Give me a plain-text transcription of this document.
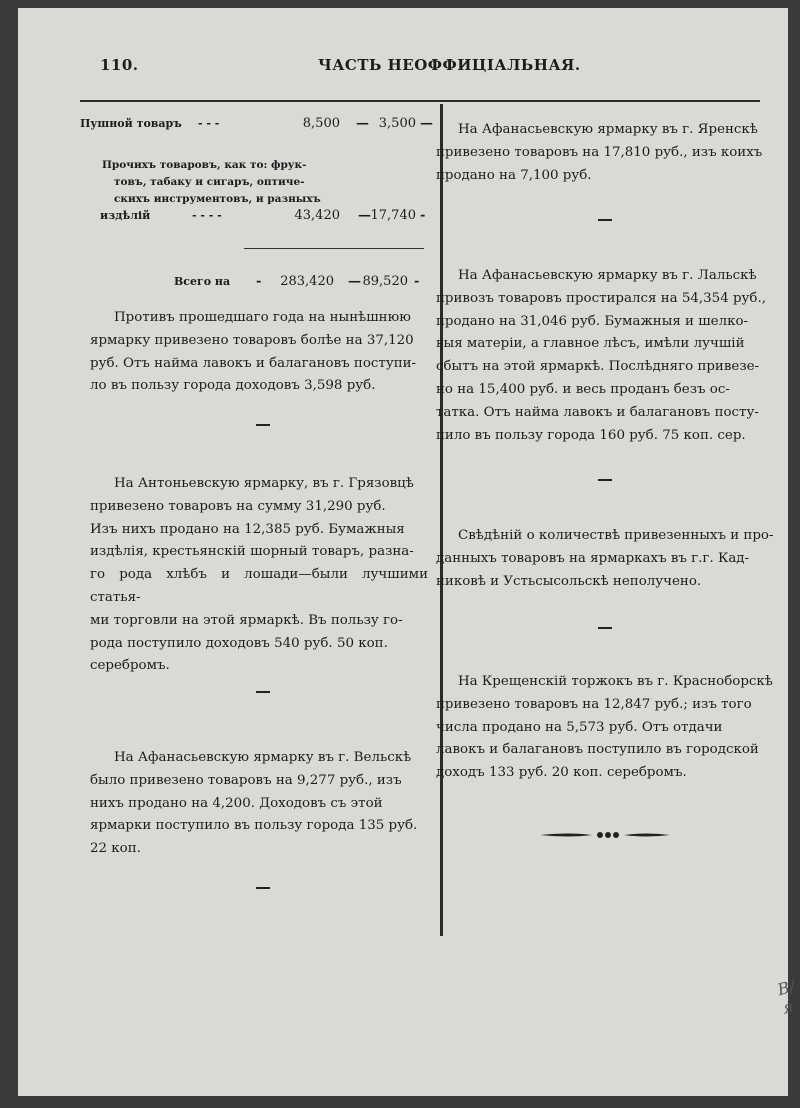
110.	ЧАСТЬ НЕОФФИЦІАЛЬНАЯ.
Пушной товаръ - - -	8,500 — 3,500 —
Прочихъ товаровъ, как то: фрук-
товъ, табаку и сигаръ, оптиче-
скихъ инструментовъ, и разныхъ
издѣлій	- - - -	43,420 — 17,740 -
Всего на -	283,420 — 89,520 -
Противъ прошедшаго года на нынѣшнюю
ярмарку привезено товаровъ болѣе на 37,120
руб. Отъ найма лавокъ и балагановъ поступи-
ло въ пользу города доходовъ 3,598 руб.
На Антоньевскую ярмарку, въ г. Грязовцѣ
привезено товаровъ на сумму 31,290 руб.
Изъ нихъ продано на 12,385 руб. Бумажныя
издѣлія, крестьянскій шорный товаръ, разна-
го рода хлѣбъ и лошади—были лучшими статья-
ми торговли на этой ярмаркѣ. Въ пользу го-
рода поступило доходовъ 540 руб. 50 коп.
серебромъ.
На Афанасьевскую ярмарку въ г. Вельскѣ
было привезено товаровъ на 9,277 руб., изъ
нихъ продано на 4,200. Доходовъ съ этой
ярмарки поступило въ пользу города 135 руб.
22 коп.
На Афанасьевскую ярмарку въ г. Яренскѣ
привезено товаровъ на 17,810 руб., изъ коихъ
продано на 7,100 руб.
На Афанасьевскую ярмарку въ г. Лальскѣ
привозъ товаровъ простирался на 54,354 руб.,
продано на 31,046 руб. Бумажныя и шелко-
выя матеріи, а главное лѣсъ, имѣли лучшій
сбытъ на этой ярмаркѣ. Послѣдняго привезе-
но на 15,400 руб. и весь проданъ безъ ос-
татка. Отъ найма лавокъ и балагановъ посту-
пило въ пользу города 160 руб. 75 коп. сер.
Свѣдѣній о количествѣ привезенныхъ и про-
данныхъ товаровъ на ярмаркахъ въ г.г. Кад-
никовѣ и Устьсысольскѣ неполучено.
На Крещенскій торжокъ въ г. Красноборскѣ
привезено товаровъ на 12,847 руб.; изъ того
числа продано на 5,573 руб. Отъ отдачи
лавокъ и балагановъ поступило въ городской
доходъ 133 руб. 20 коп. серебромъ.
В/я
